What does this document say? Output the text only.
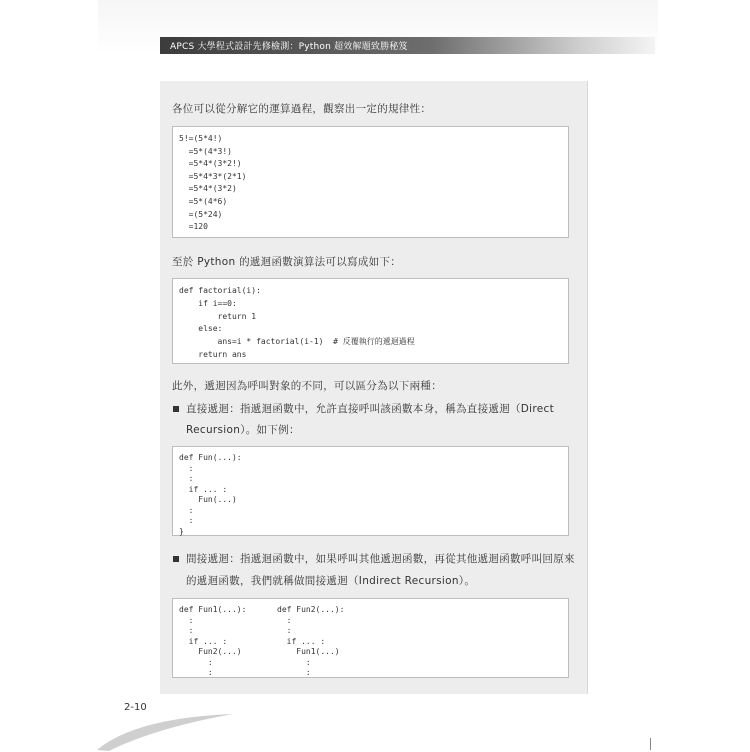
APCS 大學程式設計先修檢測：Python 超效解題致勝秘笈
各位可以從分解它的運算過程，觀察出一定的規律性：
5!=(5*4!)
=5*(4*3!)
=5*4*(3*2!)
=5*4*3*(2*1)
=5*4*(3*2)
=5*(4*6)
=(5*24)
=120
至於 Python 的遞迴函數演算法可以寫成如下：
def factorial(i):
if i==0:
return 1
else:
ans=i * factorial(i-1)  # 反覆執行的遞迴過程
return ans
此外，遞迴因為呼叫對象的不同，可以區分為以下兩種：
直接遞迴：指遞迴函數中，允許直接呼叫該函數本身，稱為直接遞迴（Direct
Recursion）。如下例：
def Fun(...):
:
:
if ... :
Fun(...)
:
:
}
間接遞迴：指遞迴函數中，如果呼叫其他遞迴函數，再從其他遞迴函數呼叫回原來
的遞迴函數，我們就稱做間接遞迴（Indirect Recursion）。
def Fun1(...):
:
:
if ... :
Fun2(...)
:
:
def Fun2(...):
:
:
if ... :
Fun1(...)
:
:
2-10
